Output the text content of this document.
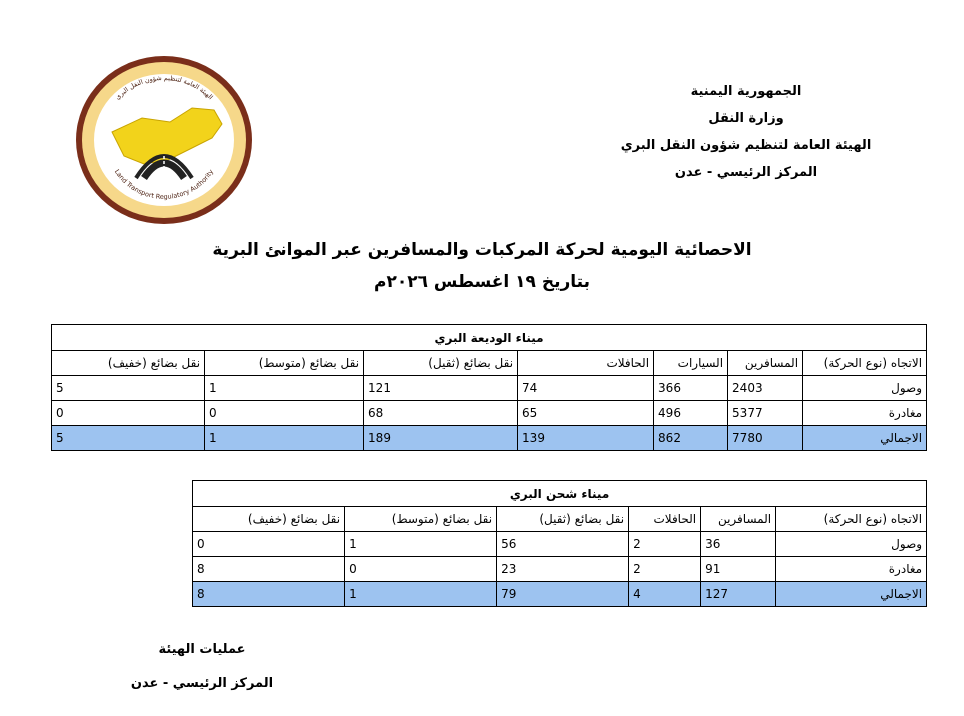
الهيئة العامة لتنظيم شؤون النقل البري
Land Transport Regulatory Authority
الجمهورية اليمنية
وزارة النقل
الهيئة العامة لتنظيم شؤون النقل البري
المركز الرئيسي - عدن
الاحصائية اليومية لحركة المركبات والمسافرين عبر الموانئ البرية
بتاريخ ١٩ اغسطس ٢٠٢٦م
ميناء الوديعة البري						
الاتجاه (نوع الحركة)	المسافرين	السيارات	الحافلات	نقل بضائع (ثقيل)	نقل بضائع (متوسط)	نقل بضائع (خفيف)
وصول	2403	366	74	121	1	5
مغادرة	5377	496	65	68	0	0
الاجمالي	7780	862	139	189	1	5
ميناء شحن البري					
الاتجاه (نوع الحركة)	المسافرين	الحافلات	نقل بضائع (ثقيل)	نقل بضائع (متوسط)	نقل بضائع (خفيف)
وصول	36	2	56	1	0
مغادرة	91	2	23	0	8
الاجمالي	127	4	79	1	8
عمليات الهيئة
المركز الرئيسي - عدن
